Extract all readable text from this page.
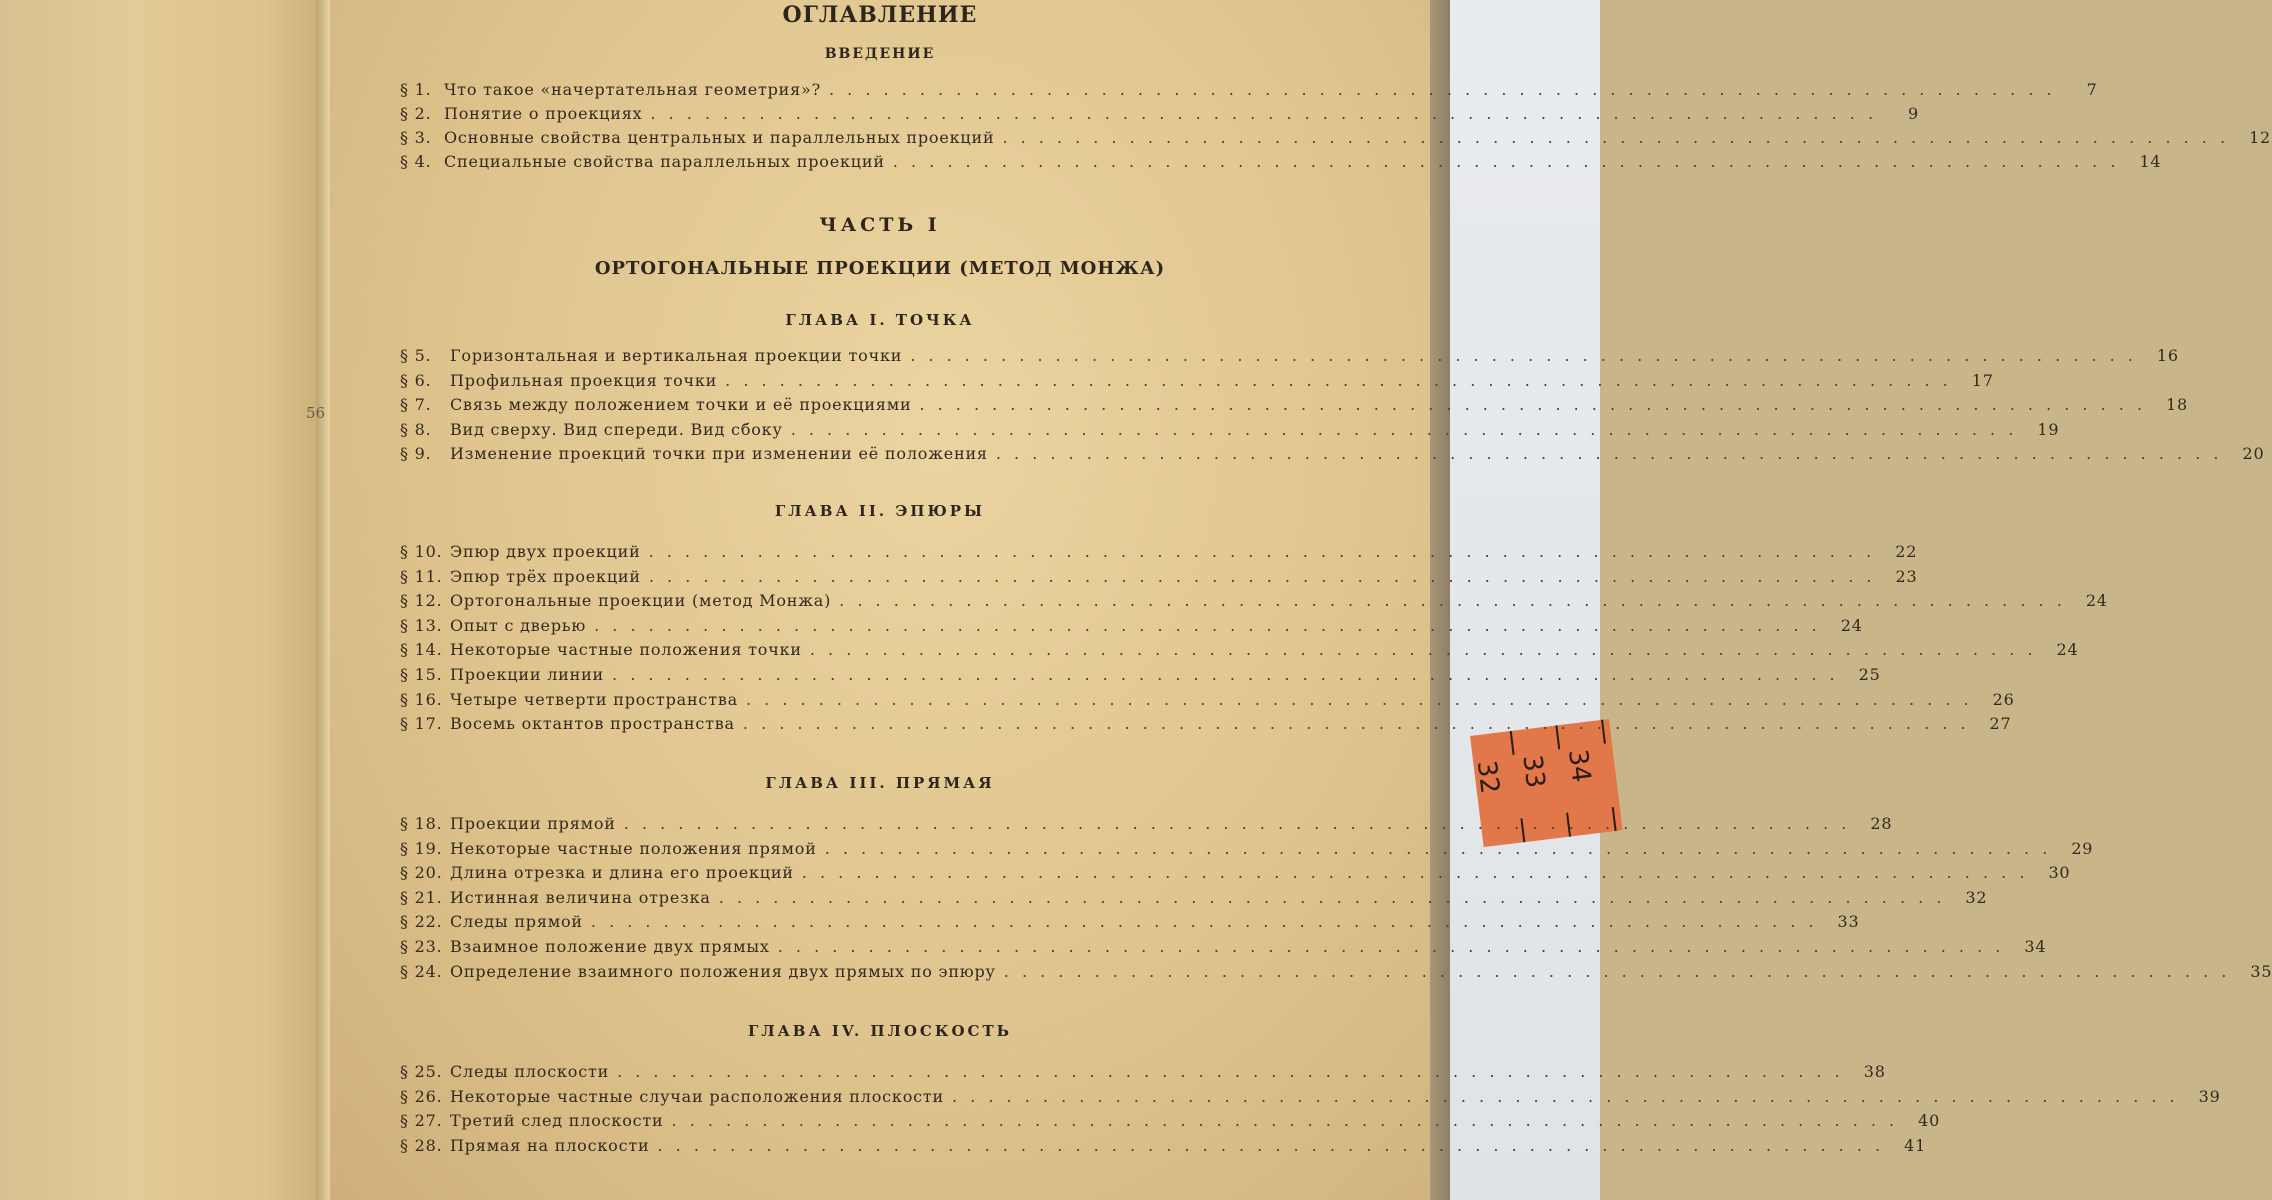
56
32 33 34
ОГЛАВЛЕНИЕ
ВВЕДЕНИЕ
§ 1. Что такое «начертательная геометрия»? . . . . . . . . . . . . . . . . . . . . . . . . . . . . . . . . . . . . . . . . . . . . . . . . . . . . . . . . . . . . . . . . . . . .	7
§ 2. Понятие о проекциях . . . . . . . . . . . . . . . . . . . . . . . . . . . . . . . . . . . . . . . . . . . . . . . . . . . . . . . . . . . . . . . . . . . .	9
§ 3. Основные свойства центральных и параллельных проекций . . . . . . . . . . . . . . . . . . . . . . . . . . . . . . . . . . . . . . . . . . . . . . . . . . . . . . . . . . . . . . . . . . . .	12
§ 4. Специальные свойства параллельных проекций . . . . . . . . . . . . . . . . . . . . . . . . . . . . . . . . . . . . . . . . . . . . . . . . . . . . . . . . . . . . . . . . . . . .	14
ЧАСТЬ I
ОРТОГОНАЛЬНЫЕ ПРОЕКЦИИ (МЕТОД МОНЖА)
ГЛАВА I. ТОЧКА
§ 5.	Горизонтальная и вертикальная проекции точки . . . . . . . . . . . . . . . . . . . . . . . . . . . . . . . . . . . . . . . . . . . . . . . . . . . . . . . . . . . . . . . . . . . .	16
§ 6.	Профильная проекция точки . . . . . . . . . . . . . . . . . . . . . . . . . . . . . . . . . . . . . . . . . . . . . . . . . . . . . . . . . . . . . . . . . . . .	17
§ 7.	Связь между положением точки и её проекциями . . . . . . . . . . . . . . . . . . . . . . . . . . . . . . . . . . . . . . . . . . . . . . . . . . . . . . . . . . . . . . . . . . . .	18
§ 8.	Вид сверху. Вид спереди. Вид сбоку . . . . . . . . . . . . . . . . . . . . . . . . . . . . . . . . . . . . . . . . . . . . . . . . . . . . . . . . . . . . . . . . . . . .	19
§ 9.	Изменение проекций точки при изменении её положения . . . . . . . . . . . . . . . . . . . . . . . . . . . . . . . . . . . . . . . . . . . . . . . . . . . . . . . . . . . . . . . . . . . .	20
ГЛАВА II. ЭПЮРЫ
§ 10. Эпюр двух проекций . . . . . . . . . . . . . . . . . . . . . . . . . . . . . . . . . . . . . . . . . . . . . . . . . . . . . . . . . . . . . . . . . . . .	22
§ 11. Эпюр трёх проекций . . . . . . . . . . . . . . . . . . . . . . . . . . . . . . . . . . . . . . . . . . . . . . . . . . . . . . . . . . . . . . . . . . . .	23
§ 12. Ортогональные проекции (метод Монжа) . . . . . . . . . . . . . . . . . . . . . . . . . . . . . . . . . . . . . . . . . . . . . . . . . . . . . . . . . . . . . . . . . . . .	24
§ 13. Опыт с дверью . . . . . . . . . . . . . . . . . . . . . . . . . . . . . . . . . . . . . . . . . . . . . . . . . . . . . . . . . . . . . . . . . . . .	24
§ 14. Некоторые частные положения точки . . . . . . . . . . . . . . . . . . . . . . . . . . . . . . . . . . . . . . . . . . . . . . . . . . . . . . . . . . . . . . . . . . . .	24
§ 15. Проекции линии . . . . . . . . . . . . . . . . . . . . . . . . . . . . . . . . . . . . . . . . . . . . . . . . . . . . . . . . . . . . . . . . . . . .	25
§ 16. Четыре четверти пространства . . . . . . . . . . . . . . . . . . . . . . . . . . . . . . . . . . . . . . . . . . . . . . . . . . . . . . . . . . . . . . . . . . . .	26
§ 17. Восемь октантов пространства . . . . . . . . . . . . . . . . . . . . . . . . . . . . . . . . . . . . . . . . . . . . . . . . . . . . . . . . . . . . . . . . . . . .	27
ГЛАВА III. ПРЯМАЯ
§ 18. Проекции прямой . . . . . . . . . . . . . . . . . . . . . . . . . . . . . . . . . . . . . . . . . . . . . . . . . . . . . . . . . . . . . . . . . . . .	28
§ 19. Некоторые частные положения прямой . . . . . . . . . . . . . . . . . . . . . . . . . . . . . . . . . . . . . . . . . . . . . . . . . . . . . . . . . . . . . . . . . . . .	29
§ 20. Длина отрезка и длина его проекций . . . . . . . . . . . . . . . . . . . . . . . . . . . . . . . . . . . . . . . . . . . . . . . . . . . . . . . . . . . . . . . . . . . .	30
§ 21. Истинная величина отрезка . . . . . . . . . . . . . . . . . . . . . . . . . . . . . . . . . . . . . . . . . . . . . . . . . . . . . . . . . . . . . . . . . . . .	32
§ 22. Следы прямой . . . . . . . . . . . . . . . . . . . . . . . . . . . . . . . . . . . . . . . . . . . . . . . . . . . . . . . . . . . . . . . . . . . .	33
§ 23. Взаимное положение двух прямых . . . . . . . . . . . . . . . . . . . . . . . . . . . . . . . . . . . . . . . . . . . . . . . . . . . . . . . . . . . . . . . . . . . .	34
§ 24. Определение взаимного положения двух прямых по эпюру . . . . . . . . . . . . . . . . . . . . . . . . . . . . . . . . . . . . . . . . . . . . . . . . . . . . . . . . . . . . . . . . . . . .	35
ГЛАВА IV. ПЛОСКОСТЬ
§ 25. Следы плоскости . . . . . . . . . . . . . . . . . . . . . . . . . . . . . . . . . . . . . . . . . . . . . . . . . . . . . . . . . . . . . . . . . . . .	38
§ 26. Некоторые частные случаи расположения плоскости . . . . . . . . . . . . . . . . . . . . . . . . . . . . . . . . . . . . . . . . . . . . . . . . . . . . . . . . . . . . . . . . . . . .	39
§ 27. Третий след плоскости . . . . . . . . . . . . . . . . . . . . . . . . . . . . . . . . . . . . . . . . . . . . . . . . . . . . . . . . . . . . . . . . . . . .	40
§ 28. Прямая на плоскости . . . . . . . . . . . . . . . . . . . . . . . . . . . . . . . . . . . . . . . . . . . . . . . . . . . . . . . . . . . . . . . . . . . .	41
